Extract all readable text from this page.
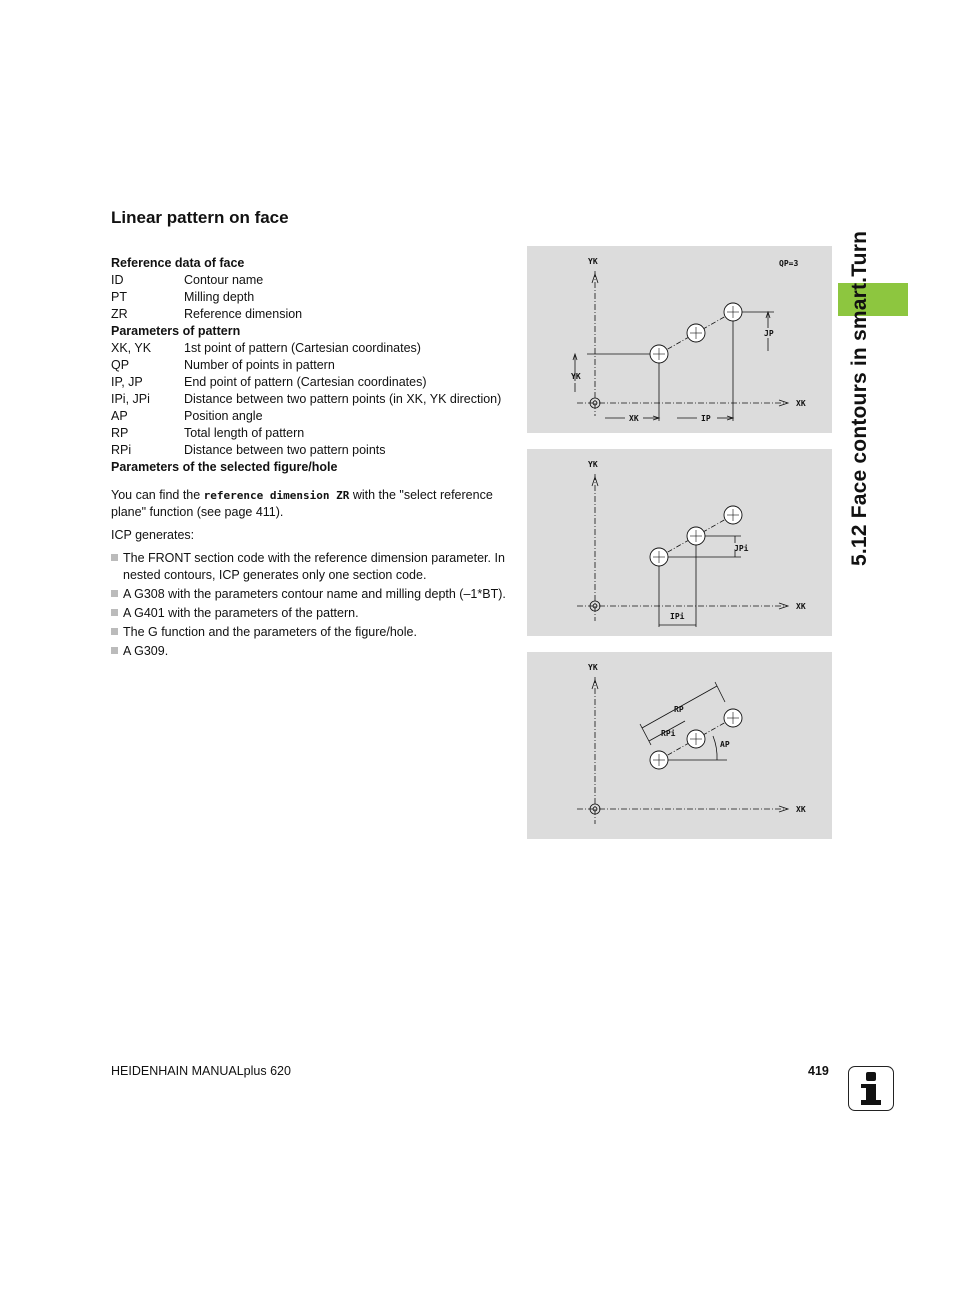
Linear pattern on face
Reference data of face
ID	Contour name
PT	Milling depth
ZR	Reference dimension
Parameters of pattern
XK, YK	1st point of pattern (Cartesian coordinates)
QP	Number of points in pattern
IP, JP	End point of pattern (Cartesian coordinates)
IPi, JPi	Distance between two pattern points (in XK, YK direction)
AP	Position angle
RP	Total length of pattern
RPi	Distance between two pattern points
Parameters of the selected figure/hole

You can find the reference dimension ZR with the "select reference plane" function (see page 411).

ICP generates:

The FRONT section code with the reference dimension parameter. In nested contours, ICP generates only one section code.
A G308 with the parameters contour name and milling depth (–1*BT).
A G401 with the parameters of the pattern.
The G function and the parameters of the figure/hole.
A G309.
YK
XK
QP=3
JP
YK
XK	IP
YK
XK
JPi
IPi
YK
XK
RP
RPi
AP
5.12 Face contours in smart.Turn
HEIDENHAIN MANUALplus 620	419
